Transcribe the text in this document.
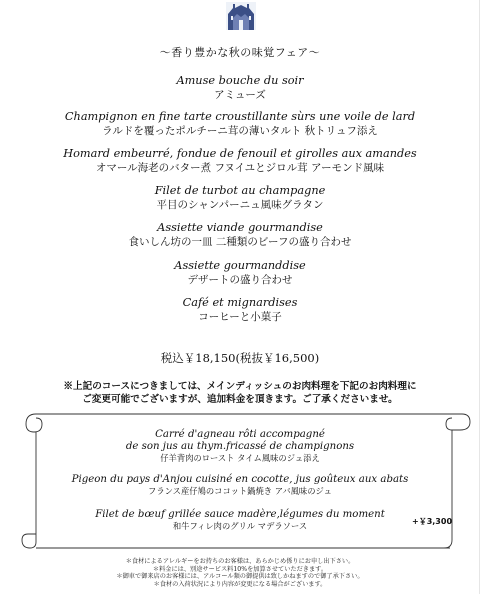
〜香り豊かな秋の味覚フェア〜
Amuse bouche du soir
アミューズ
Champignon en fine tarte croustillante sùrs une voile de lard
ラルドを覆ったポルチーニ茸の薄いタルト 秋トリュフ添え
Homard embeurré, fondue de fenouil et girolles aux amandes
オマール海老のバター煮 フヌイユとジロル茸 アーモンド風味
Filet de turbot au champagne
平目のシャンパーニュ風味グラタン
Assiette viande gourmandise
食いしん坊の一皿 二種類のビーフの盛り合わせ
Assiette gourmanddise
デザートの盛り合わせ
Café et mignardises
コーヒーと小菓子
税込￥18,150(税抜￥16,500)
※上記のコースにつきましては、メインディッシュのお肉料理を下記のお肉料理に
ご変更可能でございますが、追加料金を頂きます。ご了承くださいませ。
Carré d'agneau rôti accompagné
de son jus au thym.fricassé de champignons
仔羊背肉のロースト タイム風味のジュ添え
Pigeon du pays d'Anjou cuisiné en cocotte, jus goûteux aux abats
フランス産仔鳩のココット鍋焼き アバ風味のジュ
Filet de bœuf grillée sauce madère,légumes du moment
和牛フィレ肉のグリル マデラソース	+￥3,300
＊食材によるアレルギーをお持ちのお客様は、あらかじめ係りにお申し出下さい。
＊料金には、別途サービス料10%を加算させていただきます。
＊御車で御来店のお客様には、アルコール類の御提供は致しかねますので御了承下さい。
＊食材の入荷状況により内容が変更になる場合がございます。
